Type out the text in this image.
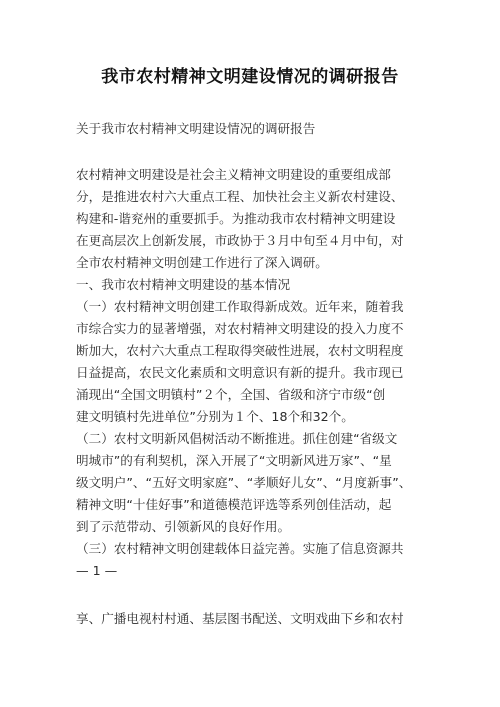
我市农村精神文明建设情况的调研报告
关于我市农村精神文明建设情况的调研报告
农村精神文明建设是社会主义精神文明建设的重要组成部
分，是推进农村六大重点工程、加快社会主义新农村建设、
构建和-谐兖州的重要抓手。为推动我市农村精神文明建设
在更高层次上创新发展，市政协于３月中旬至４月中旬，对
全市农村精神文明创建工作进行了深入调研。
一、我市农村精神文明建设的基本情况
（一）农村精神文明创建工作取得新成效。近年来，随着我
市综合实力的显著增强，对农村精神文明建设的投入力度不
断加大，农村六大重点工程取得突破性进展，农村文明程度
日益提高，农民文化素质和文明意识有新的提升。我市现已
涌现出“全国文明镇村”２个，全国、省级和济宁市级“创
建文明镇村先进单位”分别为１个、18个和32个。
（二）农村文明新风倡树活动不断推进。抓住创建“省级文
明城市”的有利契机，深入开展了“文明新风进万家”、“星
级文明户”、“五好文明家庭”、“孝顺好儿女”、“月度新事”、
精神文明“十佳好事”和道德模范评选等系列创佳活动，起
到了示范带动、引领新风的良好作用。
（三）农村精神文明创建载体日益完善。实施了信息资源共
— 1 —
享、广播电视村村通、基层图书配送、文明戏曲下乡和农村
